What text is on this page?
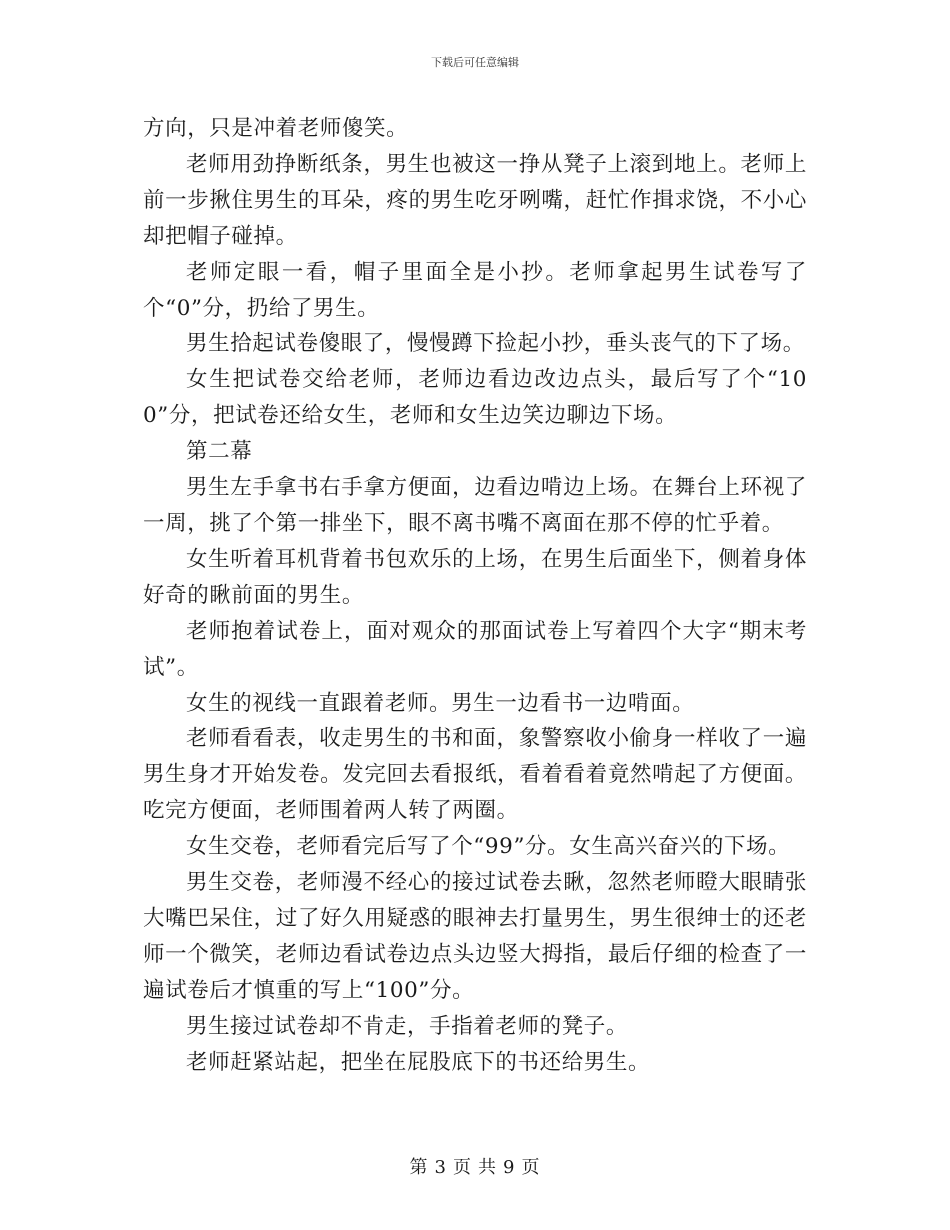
下载后可任意编辑

方向，只是冲着老师傻笑。

老师用劲挣断纸条，男生也被这一挣从凳子上滚到地上。老师上前一步揪住男生的耳朵，疼的男生吃牙咧嘴，赶忙作揖求饶，不小心却把帽子碰掉。

老师定眼一看，帽子里面全是小抄。老师拿起男生试卷写了个“0”分，扔给了男生。

男生拾起试卷傻眼了，慢慢蹲下捡起小抄，垂头丧气的下了场。

女生把试卷交给老师，老师边看边改边点头，最后写了个“100”分，把试卷还给女生，老师和女生边笑边聊边下场。

第二幕

男生左手拿书右手拿方便面，边看边啃边上场。在舞台上环视了一周，挑了个第一排坐下，眼不离书嘴不离面在那不停的忙乎着。

女生听着耳机背着书包欢乐的上场，在男生后面坐下，侧着身体好奇的瞅前面的男生。

老师抱着试卷上，面对观众的那面试卷上写着四个大字“期末考试”。

女生的视线一直跟着老师。男生一边看书一边啃面。

老师看看表，收走男生的书和面，象警察收小偷身一样收了一遍男生身才开始发卷。发完回去看报纸，看着看着竟然啃起了方便面。吃完方便面，老师围着两人转了两圈。

女生交卷，老师看完后写了个“99”分。女生高兴奋兴的下场。

男生交卷，老师漫不经心的接过试卷去瞅，忽然老师瞪大眼睛张大嘴巴呆住，过了好久用疑惑的眼神去打量男生，男生很绅士的还老师一个微笑，老师边看试卷边点头边竖大拇指，最后仔细的检查了一遍试卷后才慎重的写上“100”分。

男生接过试卷却不肯走，手指着老师的凳子。

老师赶紧站起，把坐在屁股底下的书还给男生。

第 3 页 共 9 页
